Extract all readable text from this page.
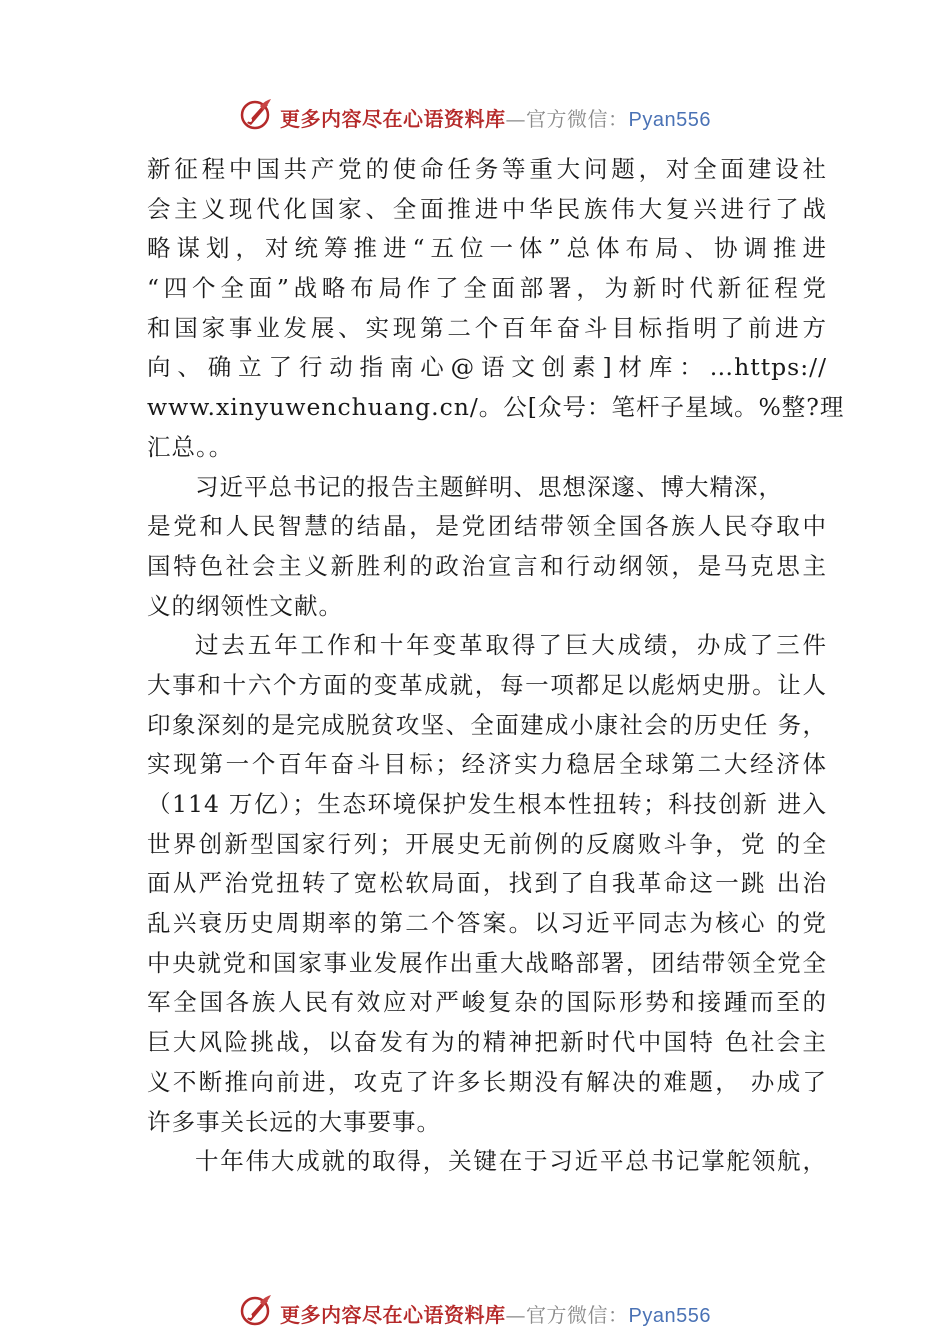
更多内容尽在心语资料库—官方微信：Pyan556
新征程中国共产党的使命任务等重大问题，对全面建设社
会主义现代化国家、全面推进中华民族伟大复兴进行了战
略谋划，对统筹推进“五位一体”总体布局、协调推进
“四个全面”战略布局作了全面部署，为新时代新征程党
和国家事业发展、实现第二个百年奋斗目标指明了前进方
向、确立了行动指南心@语文创素]材库：…https://
www.xinyuwenchuang.cn/。公[众号：笔杆子星域。%整?理
汇总。。
习近平总书记的报告主题鲜明、思想深邃、博大精深，
是党和人民智慧的结晶，是党团结带领全国各族人民夺取中
国特色社会主义新胜利的政治宣言和行动纲领，是马克思主
义的纲领性文献。
过去五年工作和十年变革取得了巨大成绩，办成了三件
大事和十六个方面的变革成就，每一项都足以彪炳史册。让人
印象深刻的是完成脱贫攻坚、全面建成小康社会的历史任 务，
实现第一个百年奋斗目标；经济实力稳居全球第二大经济体
（114 万亿）；生态环境保护发生根本性扭转；科技创新 进入
世界创新型国家行列；开展史无前例的反腐败斗争，党 的全
面从严治党扭转了宽松软局面，找到了自我革命这一跳 出治
乱兴衰历史周期率的第二个答案。以习近平同志为核心 的党
中央就党和国家事业发展作出重大战略部署，团结带领全党全
军全国各族人民有效应对严峻复杂的国际形势和接踵而至的
巨大风险挑战，以奋发有为的精神把新时代中国特 色社会主
义不断推向前进，攻克了许多长期没有解决的难题， 办成了
许多事关长远的大事要事。
十年伟大成就的取得，关键在于习近平总书记掌舵领航，
更多内容尽在心语资料库—官方微信：Pyan556
